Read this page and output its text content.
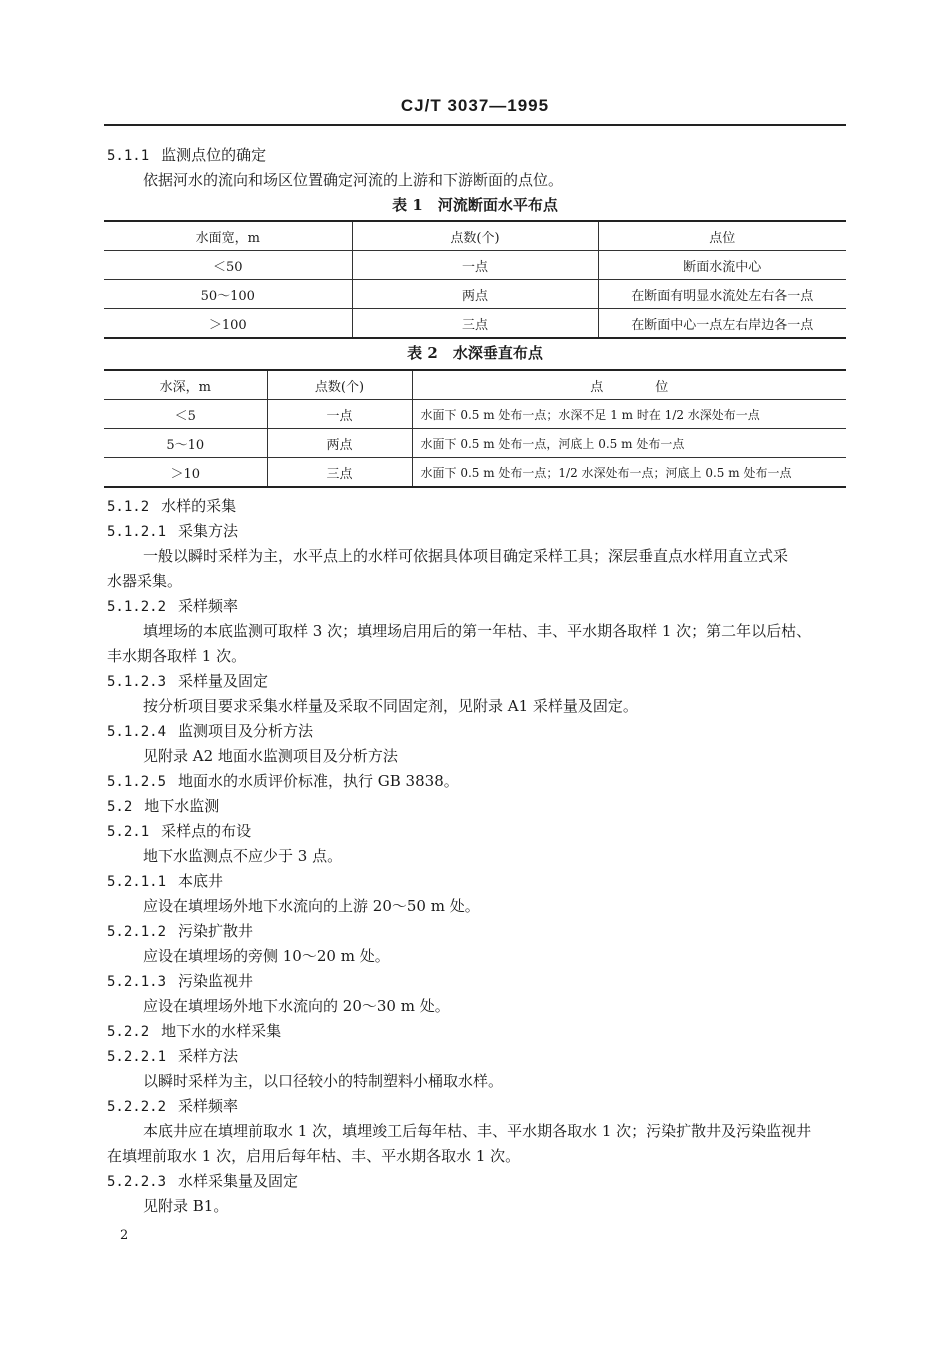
CJ/T 3037—1995
5.1.1 监测点位的确定
依据河水的流向和场区位置确定河流的上游和下游断面的点位。
表 1　河流断面水平布点
水面宽，m	点数(个)	点位
＜50	一点	断面水流中心
50～100	两点	在断面有明显水流处左右各一点
＞100	三点	在断面中心一点左右岸边各一点
表 2　水深垂直布点
水深，m	点数(个)	点　　　　位
＜5	一点	水面下 0.5 m 处布一点；水深不足 1 m 时在 1/2 水深处布一点
5～10	两点	水面下 0.5 m 处布一点，河底上 0.5 m 处布一点
＞10	三点	水面下 0.5 m 处布一点；1/2 水深处布一点；河底上 0.5 m 处布一点
5.1.2 水样的采集
5.1.2.1 采集方法
一般以瞬时采样为主，水平点上的水样可依据具体项目确定采样工具；深层垂直点水样用直立式采
水器采集。
5.1.2.2 采样频率
填埋场的本底监测可取样 3 次；填埋场启用后的第一年枯、丰、平水期各取样 1 次；第二年以后枯、
丰水期各取样 1 次。
5.1.2.3 采样量及固定
按分析项目要求采集水样量及采取不同固定剂，见附录 A1 采样量及固定。
5.1.2.4 监测项目及分析方法
见附录 A2 地面水监测项目及分析方法
5.1.2.5 地面水的水质评价标准，执行 GB 3838。
5.2 地下水监测
5.2.1 采样点的布设
地下水监测点不应少于 3 点。
5.2.1.1 本底井
应设在填埋场外地下水流向的上游 20～50 m 处。
5.2.1.2 污染扩散井
应设在填埋场的旁侧 10～20 m 处。
5.2.1.3 污染监视井
应设在填埋场外地下水流向的 20～30 m 处。
5.2.2 地下水的水样采集
5.2.2.1 采样方法
以瞬时采样为主，以口径较小的特制塑料小桶取水样。
5.2.2.2 采样频率
本底井应在填埋前取水 1 次，填埋竣工后每年枯、丰、平水期各取水 1 次；污染扩散井及污染监视井
在填埋前取水 1 次，启用后每年枯、丰、平水期各取水 1 次。
5.2.2.3 水样采集量及固定
见附录 B1。
2
